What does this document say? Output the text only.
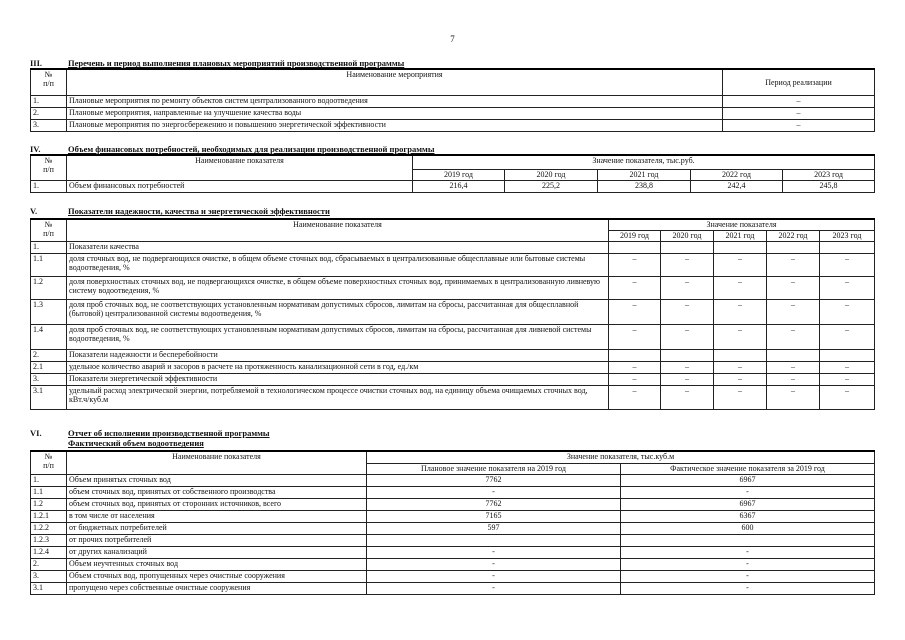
7
III.	Перечень и период выполнения плановых мероприятий производственной программы
№
п/п	Наименование мероприятия	Период реализации
1.	Плановые мероприятия по ремонту объектов систем централизованного водоотведения	–
2.	Плановые мероприятия, направленные на улучшение качества воды	–
3.	Плановые мероприятия по энергосбережению и повышению энергетической эффективности	–
IV.	Объем финансовых потребностей, необходимых для реализации производственной программы
№
п/п	Наименование показателя	Значение показателя, тыс.руб.				
		2019 год	2020 год	2021 год	2022 год	2023 год
1.	Объем финансовых потребностей	216,4	225,2	238,8	242,4	245,8
V.	Показатели надежности, качества и энергетической эффективности
№
п/п	Наименование показателя	Значение показателя				
		2019 год	2020 год	2021 год	2022 год	2023 год
1.	Показатели качества					
1.1	доля сточных вод, не подвергающихся очистке, в общем объеме сточных вод, сбрасываемых в централизованные общесплавные или бытовые системы водоотведения, %	–	–	–	–	–
1.2	доля поверхностных сточных вод, не подвергающихся очистке, в общем объеме поверхностных сточных вод, принимаемых в централизованную ливневую систему водоотведения, %	–	–	–	–	–
1.3	доля проб сточных вод, не соответствующих установленным нормативам допустимых сбросов, лимитам на сбросы, рассчитанная для общесплавной (бытовой) централизованной системы водоотведения, %	–	–	–	–	–
1.4	доля проб сточных вод, не соответствующих установленным нормативам допустимых сбросов, лимитам на сбросы, рассчитанная для ливневой системы водоотведения, %	–	–	–	–	–
2.	Показатели надежности и бесперебойности					
2.1	удельное количество аварий и засоров в расчете на протяженность канализационной сети в год, ед./км	–	–	–	–	–
3.	Показатели энергетической эффективности	–	–	–	–	–
3.1	удельный расход электрической энергии, потребляемой в технологическом процессе очистки сточных вод, на единицу объема очищаемых сточных вод, кВт.ч/куб.м	–	–	–	–	–
VI.	Отчет об исполнении производственной программы
Фактический объем водоотведения
№
п/п	Наименование показателя	Значение показателя, тыс.куб.м	
		Плановое значение показателя на 2019 год	Фактическое значение показателя за 2019 год
1.	Объем принятых сточных вод	7762	6967
1.1	объем сточных вод, принятых от собственного производства	-	-
1.2	объем сточных вод, принятых от сторонних источников, всего	7762	6967
1.2.1	в том числе от населения	7165	6367
1.2.2	от бюджетных потребителей	597	600
1.2.3	от прочих потребителей		
1.2.4	от других канализаций	-	-
2.	Объем неучтенных сточных вод	-	-
3.	Объем сточных вод, пропущенных через очистные сооружения	-	-
3.1	пропущено через собственные очистные сооружения	-	-
